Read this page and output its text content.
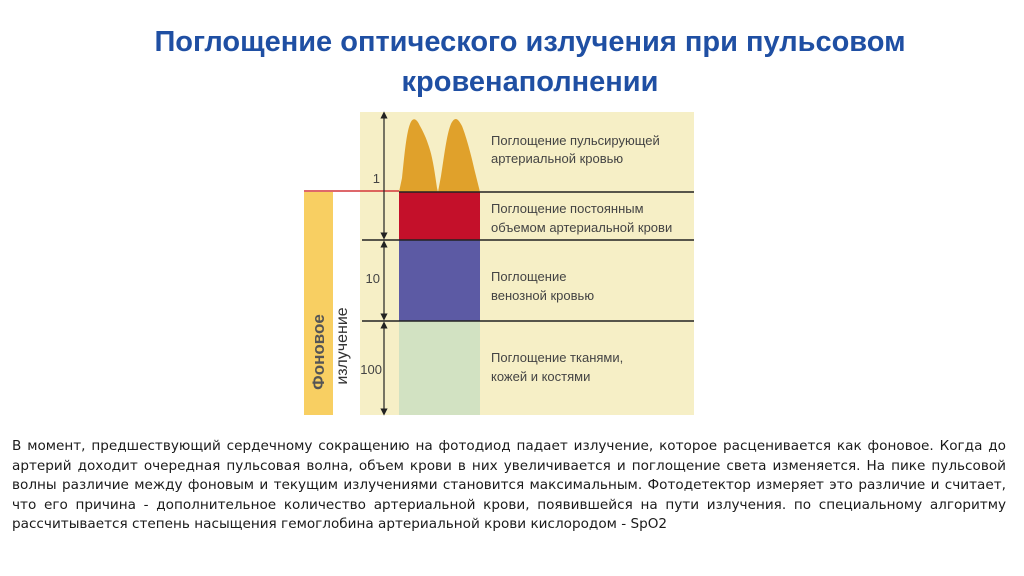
Поглощение оптического излучения при пульсовом
кровенаполнении
Фоновое излучение
1
10
100
Поглощение пульсирующей
артериальной кровью
Поглощение постоянным
объемом артериальной крови
Поглощение
венозной кровью
Поглощение тканями,
кожей и костями

В момент, предшествующий сердечному сокращению на фотодиод падает излучение, которое расценивается как фоновое. Когда до артерий доходит очередная пульсовая волна, объем крови в них увеличивается и поглощение света изменяется. На пике пульсовой волны различие между фоновым и текущим излучениями становится максимальным. Фотодетектор измеряет это различие и считает, что его причина - дополнительное количество артериальной крови, появившейся на пути излучения. по специальному алгоритму рассчитывается степень насыщения гемоглобина артериальной крови кислородом - SpO2
